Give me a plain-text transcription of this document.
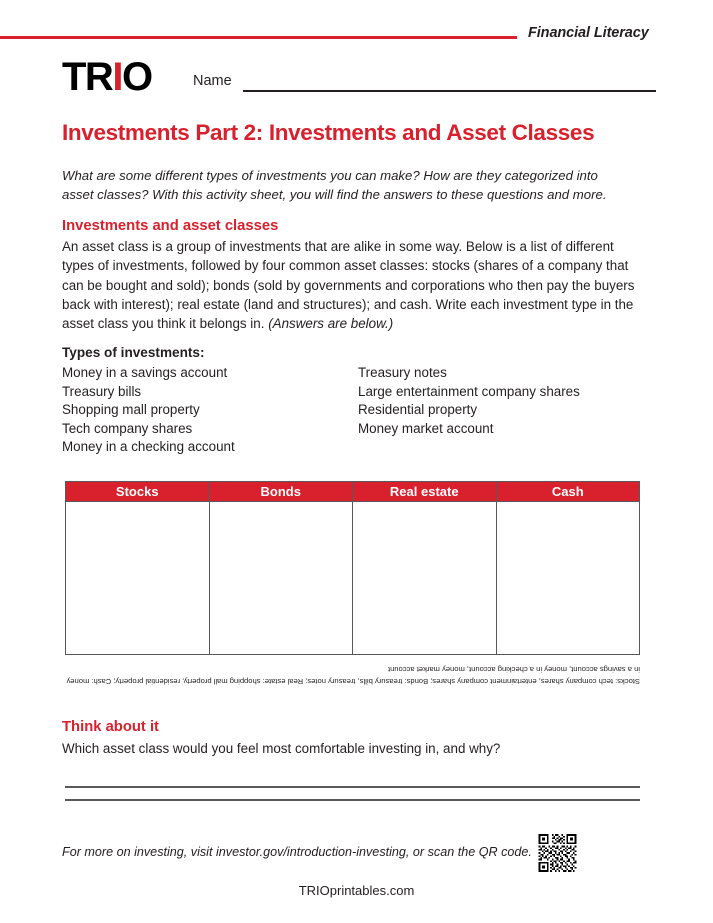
Financial Literacy
TRIO	Name
Investments Part 2: Investments and Asset Classes
What are some different types of investments you can make? How are they categorized into asset classes? With this activity sheet, you will find the answers to these questions and more.
Investments and asset classes
An asset class is a group of investments that are alike in some way. Below is a list of different types of investments, followed by four common asset classes: stocks (shares of a company that can be bought and sold); bonds (sold by governments and corporations who then pay the buyers back with interest); real estate (land and structures); and cash. Write each investment type in the asset class you think it belongs in. (Answers are below.)
Types of investments:
Money in a savings account
Treasury bills
Shopping mall property
Tech company shares
Money in a checking account
Treasury notes
Large entertainment company shares
Residential property
Money market account
Stocks	Bonds	Real estate	Cash

Stocks: tech company shares, entertainment company shares; Bonds: treasury bills, treasury notes; Real estate: shopping mall property, residential property; Cash: money in a savings account, money in a checking account, money market account
Think about it
Which asset class would you feel most comfortable investing in, and why?
For more on investing, visit investor.gov/introduction-investing, or scan the QR code.
TRIOprintables.com
